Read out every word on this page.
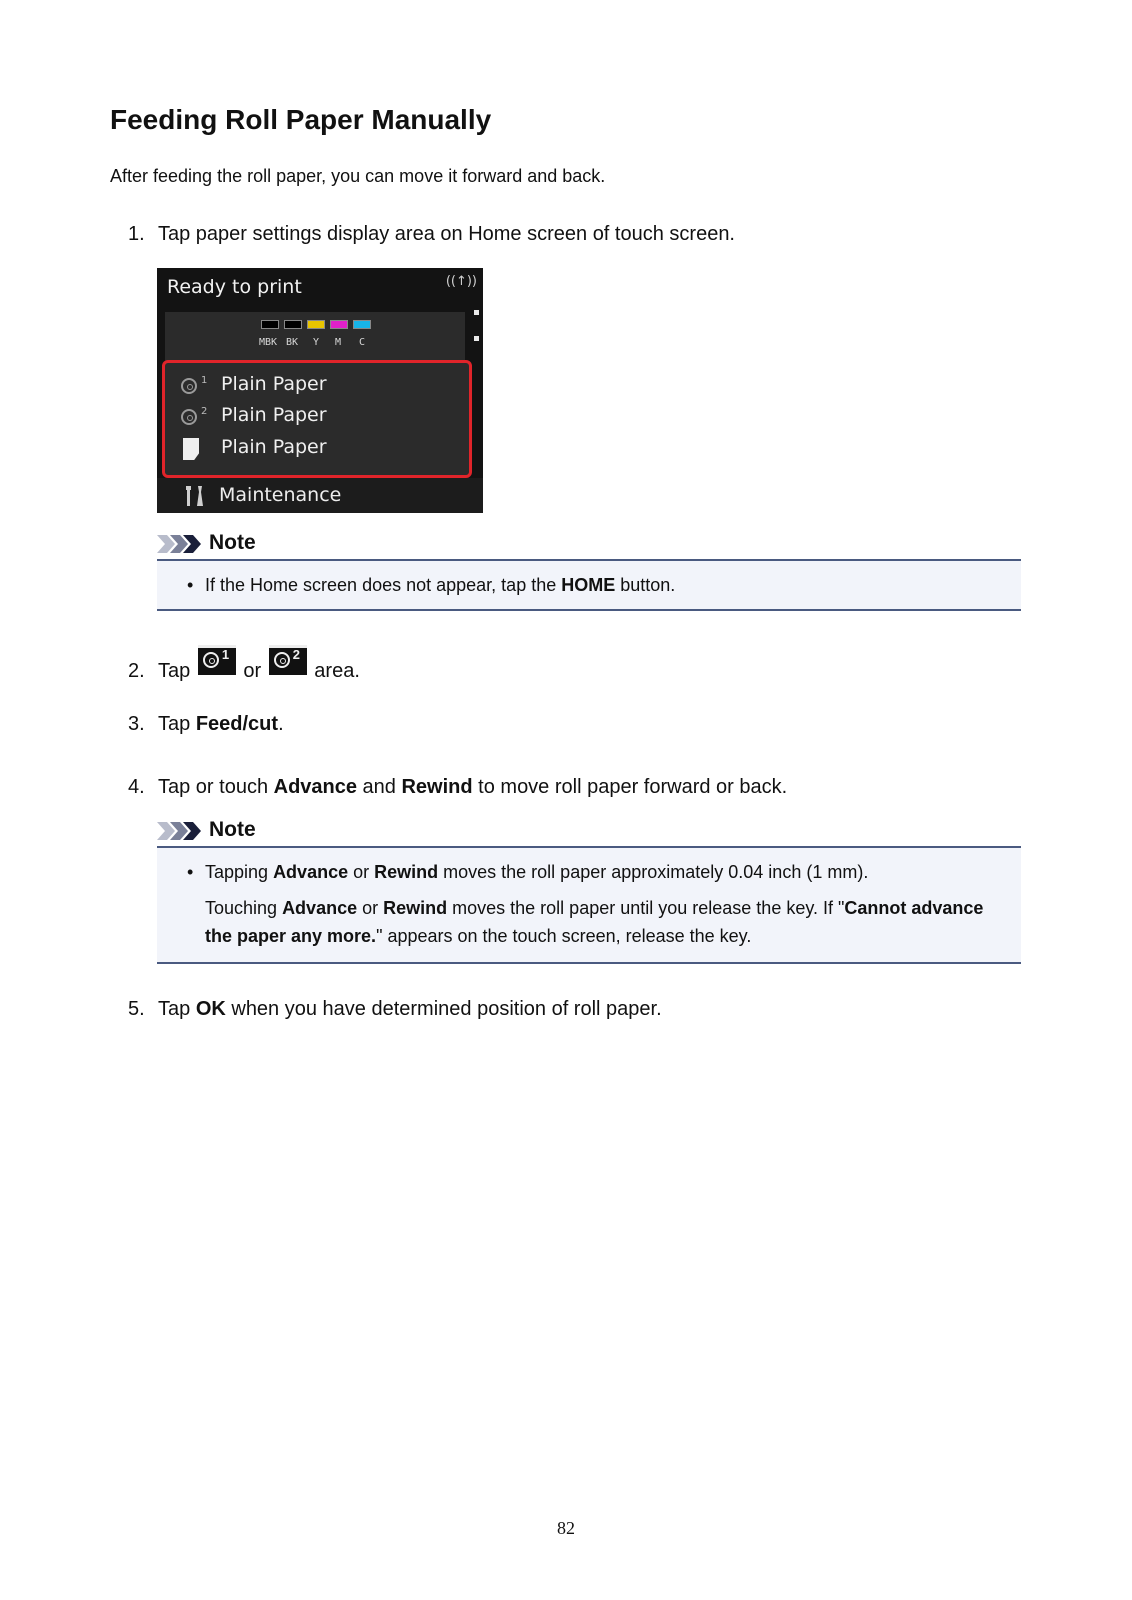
Feeding Roll Paper Manually

After feeding the roll paper, you can move it forward and back.

1. Tap paper settings display area on Home screen of touch screen.

Ready to print	((↑))
MBK BK Y M C
1 Plain Paper
2 Plain Paper
Plain Paper
Maintenance
Note
• If the Home screen does not appear, tap the HOME button.

2. Tap
1
or
2
area.

3. Tap Feed/cut.

4. Tap or touch Advance and Rewind to move roll paper forward or back.

Note
• Tapping Advance or Rewind moves the roll paper approximately 0.04 inch (1 mm).

Touching Advance or Rewind moves the roll paper until you release the key. If "Cannot advance the paper any more." appears on the touch screen, release the key.

5. Tap OK when you have determined position of roll paper.

82
